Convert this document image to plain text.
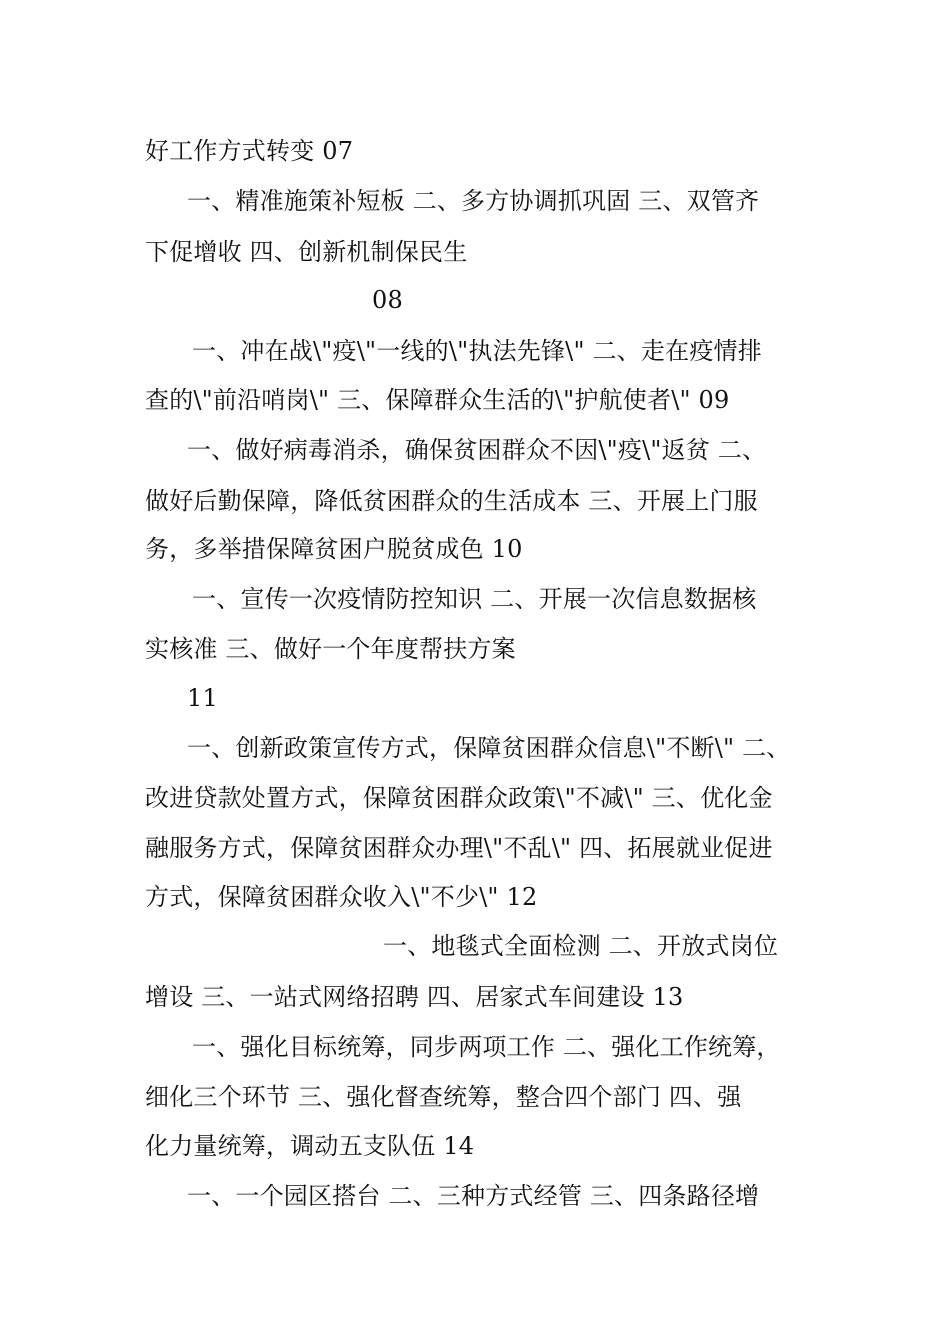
好工作方式转变 07
一、精准施策补短板 二、多方协调抓巩固 三、双管齐
下促增收 四、创新机制保民生
08
一、冲在战\"疫\"一线的\"执法先锋\" 二、走在疫情排
查的\"前沿哨岗\" 三、保障群众生活的\"护航使者\" 09
一、做好病毒消杀，确保贫困群众不因\"疫\"返贫 二、
做好后勤保障，降低贫困群众的生活成本 三、开展上门服
务，多举措保障贫困户脱贫成色 10
一、宣传一次疫情防控知识 二、开展一次信息数据核
实核准 三、做好一个年度帮扶方案
11
一、创新政策宣传方式，保障贫困群众信息\"不断\" 二、
改进贷款处置方式，保障贫困群众政策\"不减\" 三、优化金
融服务方式，保障贫困群众办理\"不乱\" 四、拓展就业促进
方式，保障贫困群众收入\"不少\" 12
一、地毯式全面检测 二、开放式岗位
增设 三、一站式网络招聘 四、居家式车间建设 13
一、强化目标统筹，同步两项工作 二、强化工作统筹，
细化三个环节 三、强化督查统筹，整合四个部门 四、强
化力量统筹，调动五支队伍 14
一、一个园区搭台 二、三种方式经管 三、四条路径增
